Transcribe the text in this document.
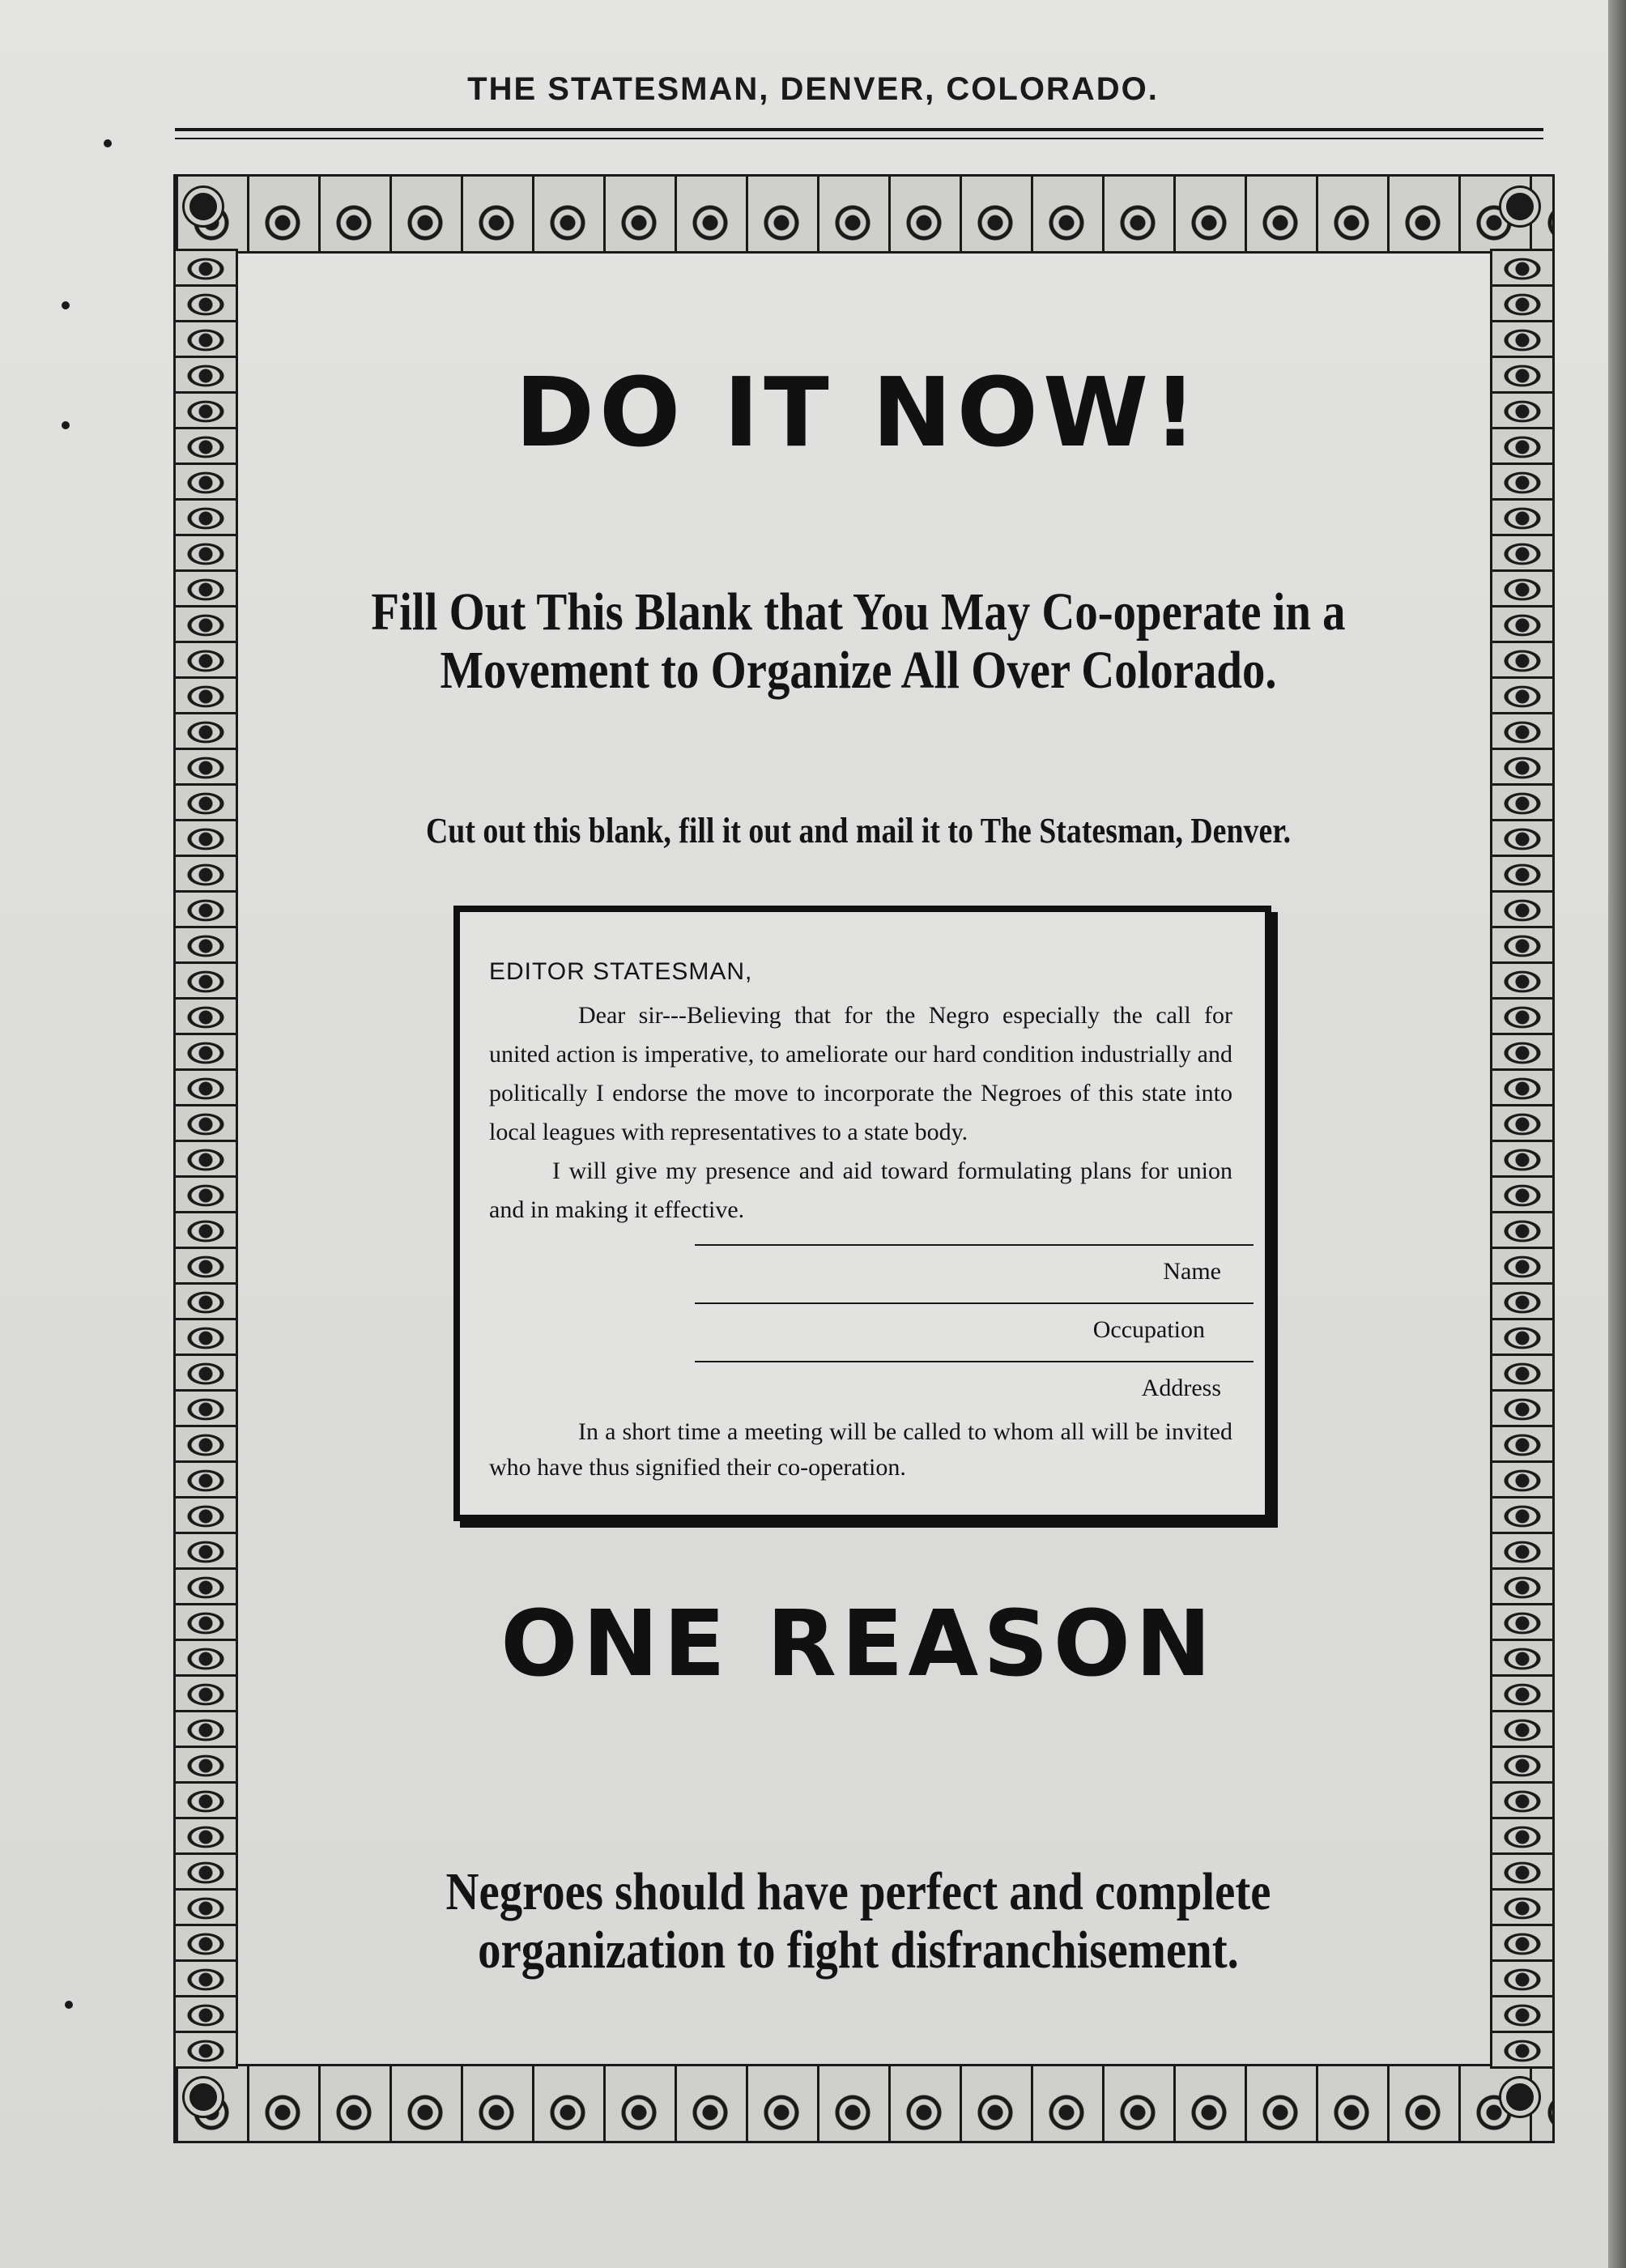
THE STATESMAN, DENVER, COLORADO.
DO IT NOW!
Fill Out This Blank that You May Co-operate in a Movement to Organize All Over Colorado.
Cut out this blank, fill it out and mail it to The Statesman, Denver.
EDITOR STATESMAN,

Dear sir---Believing that for the Negro especially the call for united action is imperative, to ameliorate our hard condition industrially and politically I endorse the move to incorporate the Negroes of this state into local leagues with representatives to a state body.

I will give my presence and aid toward formulating plans for union and in making it effective.

Name
Occupation
Address
In a short time a meeting will be called to whom all will be invited who have thus signified their co-operation.
ONE REASON
Negroes should have perfect and complete organization to fight disfranchisement.
